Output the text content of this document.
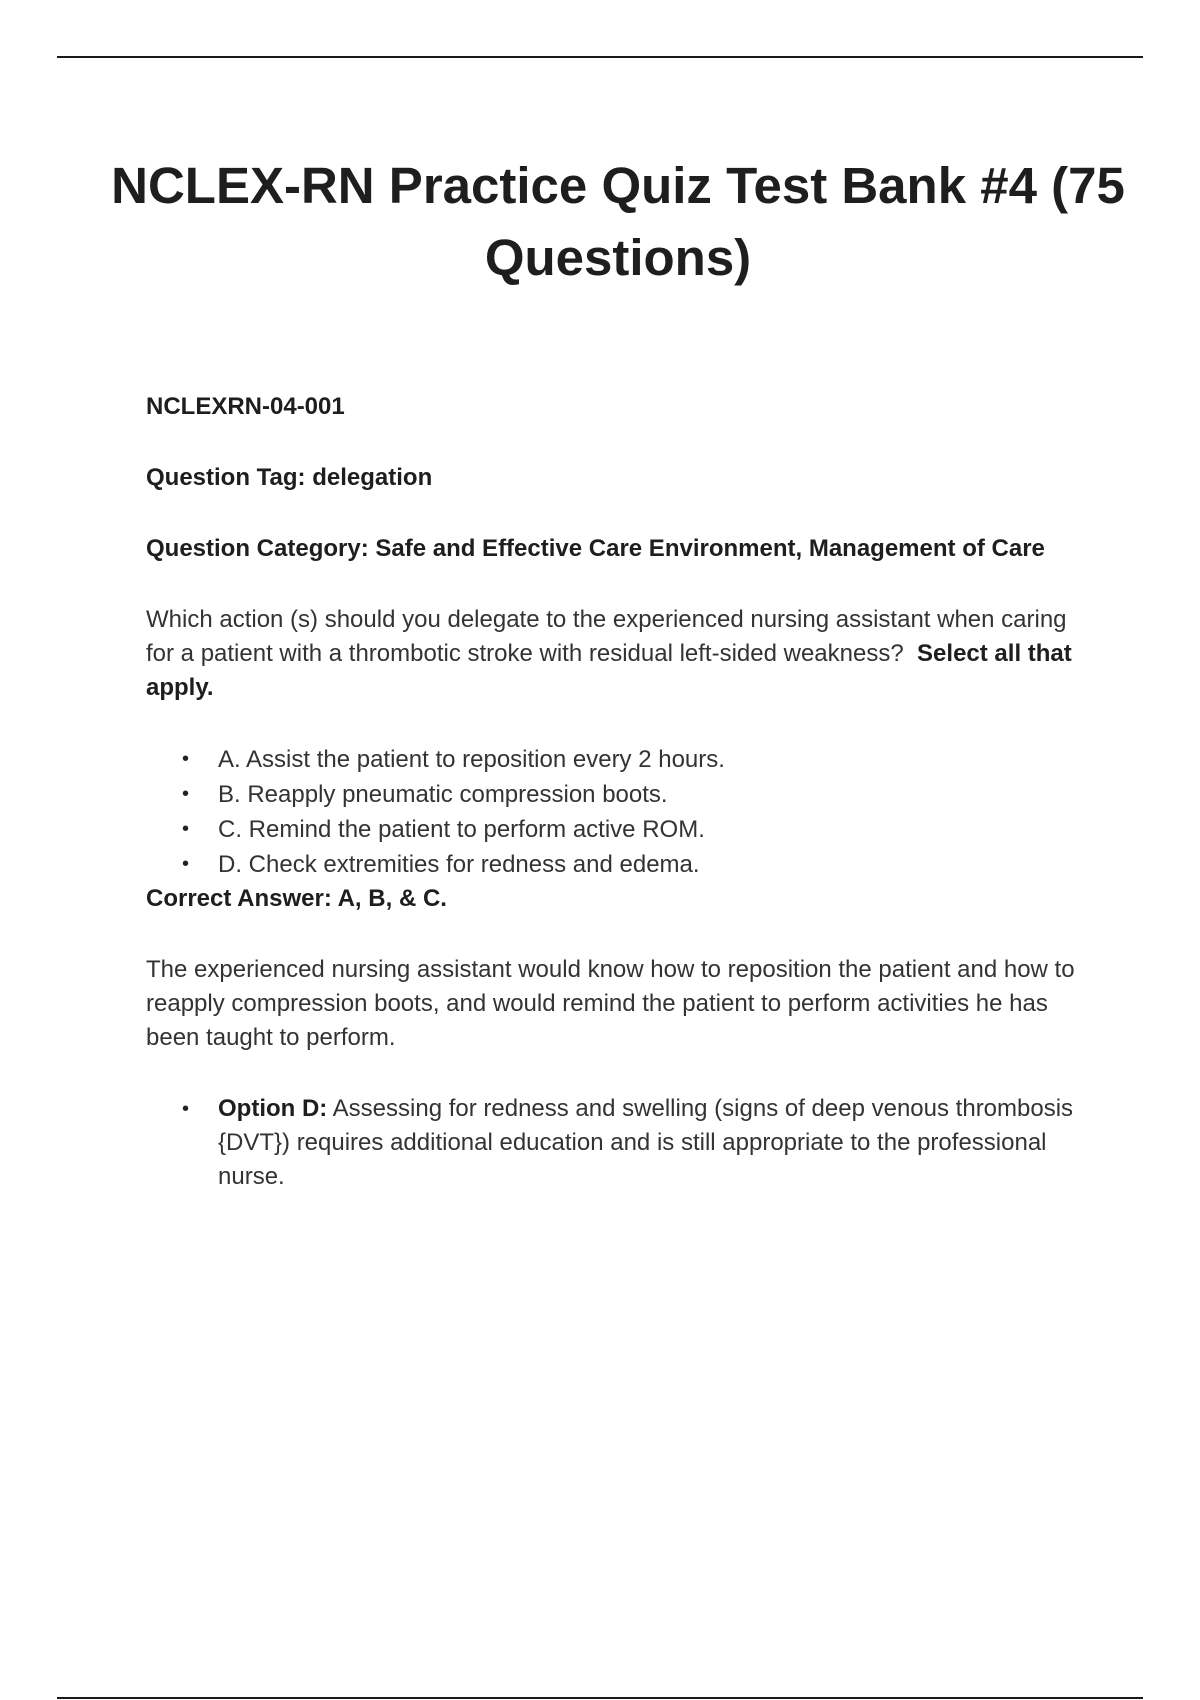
NCLEX-RN Practice Quiz Test Bank #4 (75 Questions)

NCLEXRN-04-001

Question Tag: delegation

Question Category: Safe and Effective Care Environment, Management of Care

Which action (s) should you delegate to the experienced nursing assistant when caring for a patient with a thrombotic stroke with residual left-sided weakness? Select all that apply.

• A. Assist the patient to reposition every 2 hours.
• B. Reapply pneumatic compression boots.
• C. Remind the patient to perform active ROM.
• D. Check extremities for redness and edema.

Correct Answer: A, B, & C.

The experienced nursing assistant would know how to reposition the patient and how to reapply compression boots, and would remind the patient to perform activities he has been taught to perform.

• Option D: Assessing for redness and swelling (signs of deep venous thrombosis {DVT}) requires additional education and is still appropriate to the professional nurse.
